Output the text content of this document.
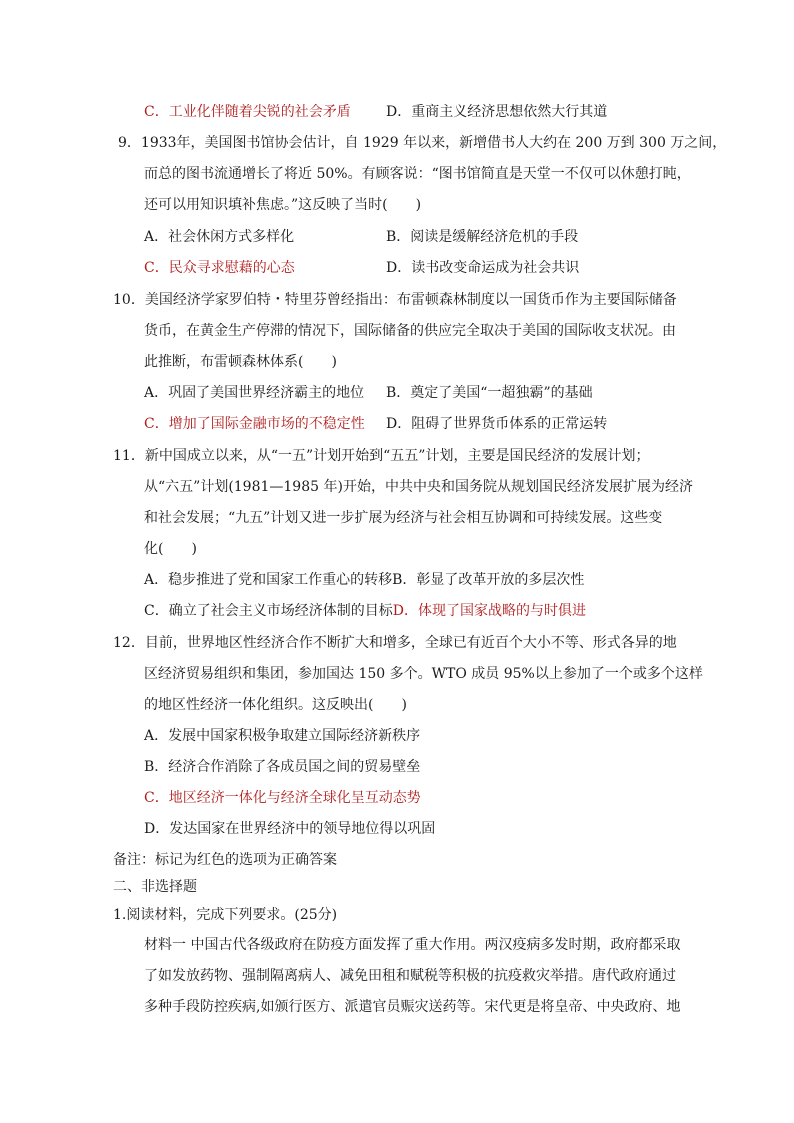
C．工业化伴随着尖锐的社会矛盾	D．重商主义经济思想依然大行其道
9．1933年，美国图书馆协会估计，自 1929 年以来，新增借书人大约在 200 万到 300 万之间，
而总的图书流通增长了将近 50%。有顾客说：“图书馆简直是天堂一不仅可以休憩打盹，
还可以用知识填补焦虑。”这反映了当时(　　)
A．社会休闲方式多样化	B．阅读是缓解经济危机的手段
C．民众寻求慰藉的心态	D．读书改变命运成为社会共识
10．美国经济学家罗伯特・特里芬曾经指出：布雷顿森林制度以一国货币作为主要国际储备
货币，在黄金生产停滞的情况下，国际储备的供应完全取决于美国的国际收支状况。由
此推断，布雷顿森林体系(　　)
A．巩固了美国世界经济霸主的地位 B．奠定了美国“一超独霸”的基础
C．增加了国际金融市场的不稳定性 D．阻碍了世界货币体系的正常运转
11．新中国成立以来，从“一五”计划开始到“五五”计划，主要是国民经济的发展计划；
从“六五”计划(1981—1985 年)开始，中共中央和国务院从规划国民经济发展扩展为经济
和社会发展；“九五”计划又进一步扩展为经济与社会相互协调和可持续发展。这些变
化(　　)
A．稳步推进了党和国家工作重心的转移B．彰显了改革开放的多层次性
C．确立了社会主义市场经济体制的目标D．体现了国家战略的与时俱进
12．目前，世界地区性经济合作不断扩大和增多，全球已有近百个大小不等、形式各异的地
区经济贸易组织和集团，参加国达 150 多个。WTO 成员 95%以上参加了一个或多个这样
的地区性经济一体化组织。这反映出(　　)
A．发展中国家积极争取建立国际经济新秩序
B．经济合作消除了各成员国之间的贸易壁垒
C．地区经济一体化与经济全球化呈互动态势
D．发达国家在世界经济中的领导地位得以巩固
备注：标记为红色的选项为正确答案
二、非选择题
1.阅读材料，完成下列要求。(25分)
材料一 中国古代各级政府在防疫方面发挥了重大作用。两汉疫病多发时期，政府都采取
了如发放药物、强制隔离病人、减免田租和赋税等积极的抗疫救灾举措。唐代政府通过
多种手段防控疾病,如颁行医方、派遣官员赈灾送药等。宋代更是将皇帝、中央政府、地
